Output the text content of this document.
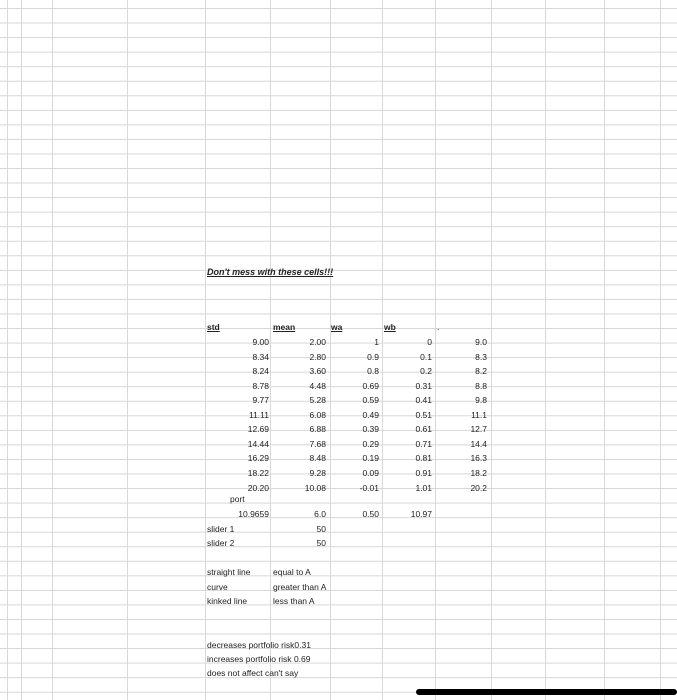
Don't mess with these cells!!!
std	mean	wa	wb	.
9.00	2.00	1	0	9.0
8.34	2.80	0.9	0.1	8.3
8.24	3.60	0.8	0.2	8.2
8.78	4.48	0.69	0.31	8.8
9.77	5.28	0.59	0.41	9.8
11.11	6.08	0.49	0.51	11.1
12.69	6.88	0.39	0.61	12.7
14.44	7.68	0.29	0.71	14.4
16.29	8.48	0.19	0.81	16.3
18.22	9.28	0.09	0.91	18.2
20.20	10.08	-0.01	1.01	20.2
port
10.9659	6.0	0.50	10.97
slider 1	50
slider 2	50
straight line	equal to A
curve	greater than A
kinked line	less than A
decreases portfolio risk0.31
increases portfolio risk 0.69
does not affect can't say
